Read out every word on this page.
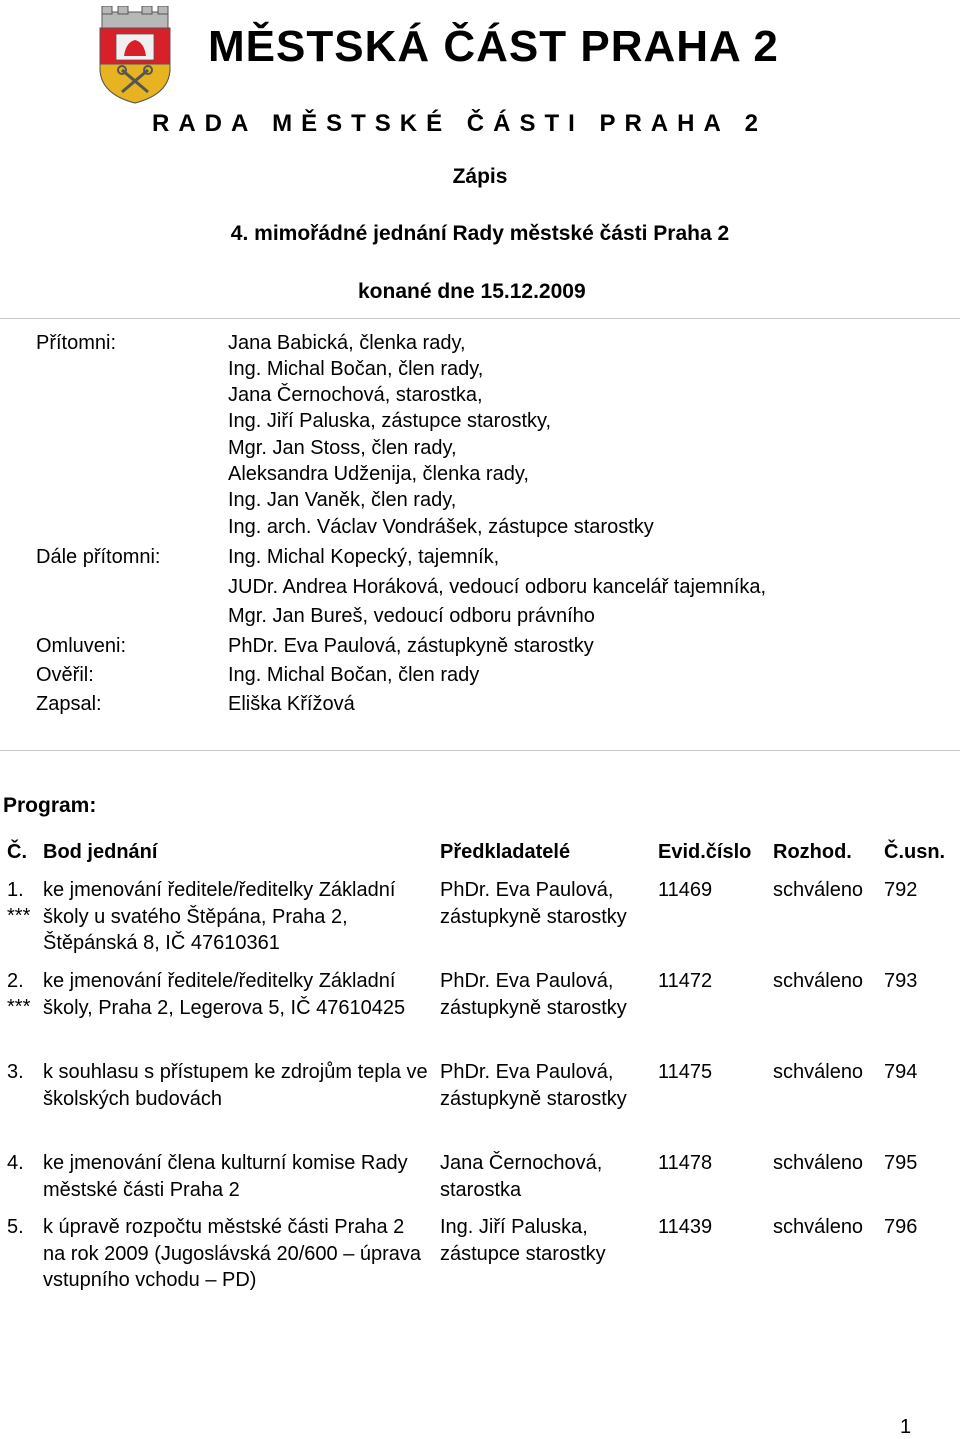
MĚSTSKÁ ČÁST PRAHA 2
RADA MĚSTSKÉ ČÁSTI PRAHA 2
Zápis
4. mimořádné jednání Rady městské části Praha 2
konané dne 15.12.2009
Přítomni:	Jana Babická, členka rady,
Ing. Michal Bočan, člen rady,
Jana Černochová, starostka,
Ing. Jiří Paluska, zástupce starostky,
Mgr. Jan Stoss, člen rady,
Aleksandra Udženija, členka rady,
Ing. Jan Vaněk, člen rady,
Ing. arch. Václav Vondrášek, zástupce starostky
Dále přítomni:	Ing. Michal Kopecký, tajemník,
JUDr. Andrea Horáková, vedoucí odboru kancelář tajemníka,
Mgr. Jan Bureš, vedoucí odboru právního
Omluveni:	PhDr. Eva Paulová, zástupkyně starostky
Ověřil:	Ing. Michal Bočan, člen rady
Zapsal:	Eliška Křížová
Program:
Č. Bod jednání	Předkladatelé	Evid.číslo Rozhod. Č.usn.
1.
***
ke jmenování ředitele/ředitelky Základní školy u svatého Štěpána, Praha 2, Štěpánská 8, IČ 47610361
PhDr. Eva Paulová, zástupkyně starostky
11469	schváleno	792
2.
***
ke jmenování ředitele/ředitelky Základní školy, Praha 2, Legerova 5, IČ 47610425
PhDr. Eva Paulová, zástupkyně starostky
11472	schváleno	793
3. k souhlasu s přístupem ke zdrojům tepla ve školských budovách
PhDr. Eva Paulová, zástupkyně starostky
11475	schváleno	794
4. ke jmenování člena kulturní komise Rady městské části Praha 2
Jana Černochová, starostka
11478	schváleno	795
5. k úpravě rozpočtu městské části Praha 2 na rok 2009 (Jugoslávská 20/600 – úprava vstupního vchodu – PD)
Ing. Jiří Paluska, zástupce starostky
11439	schváleno	796
1
